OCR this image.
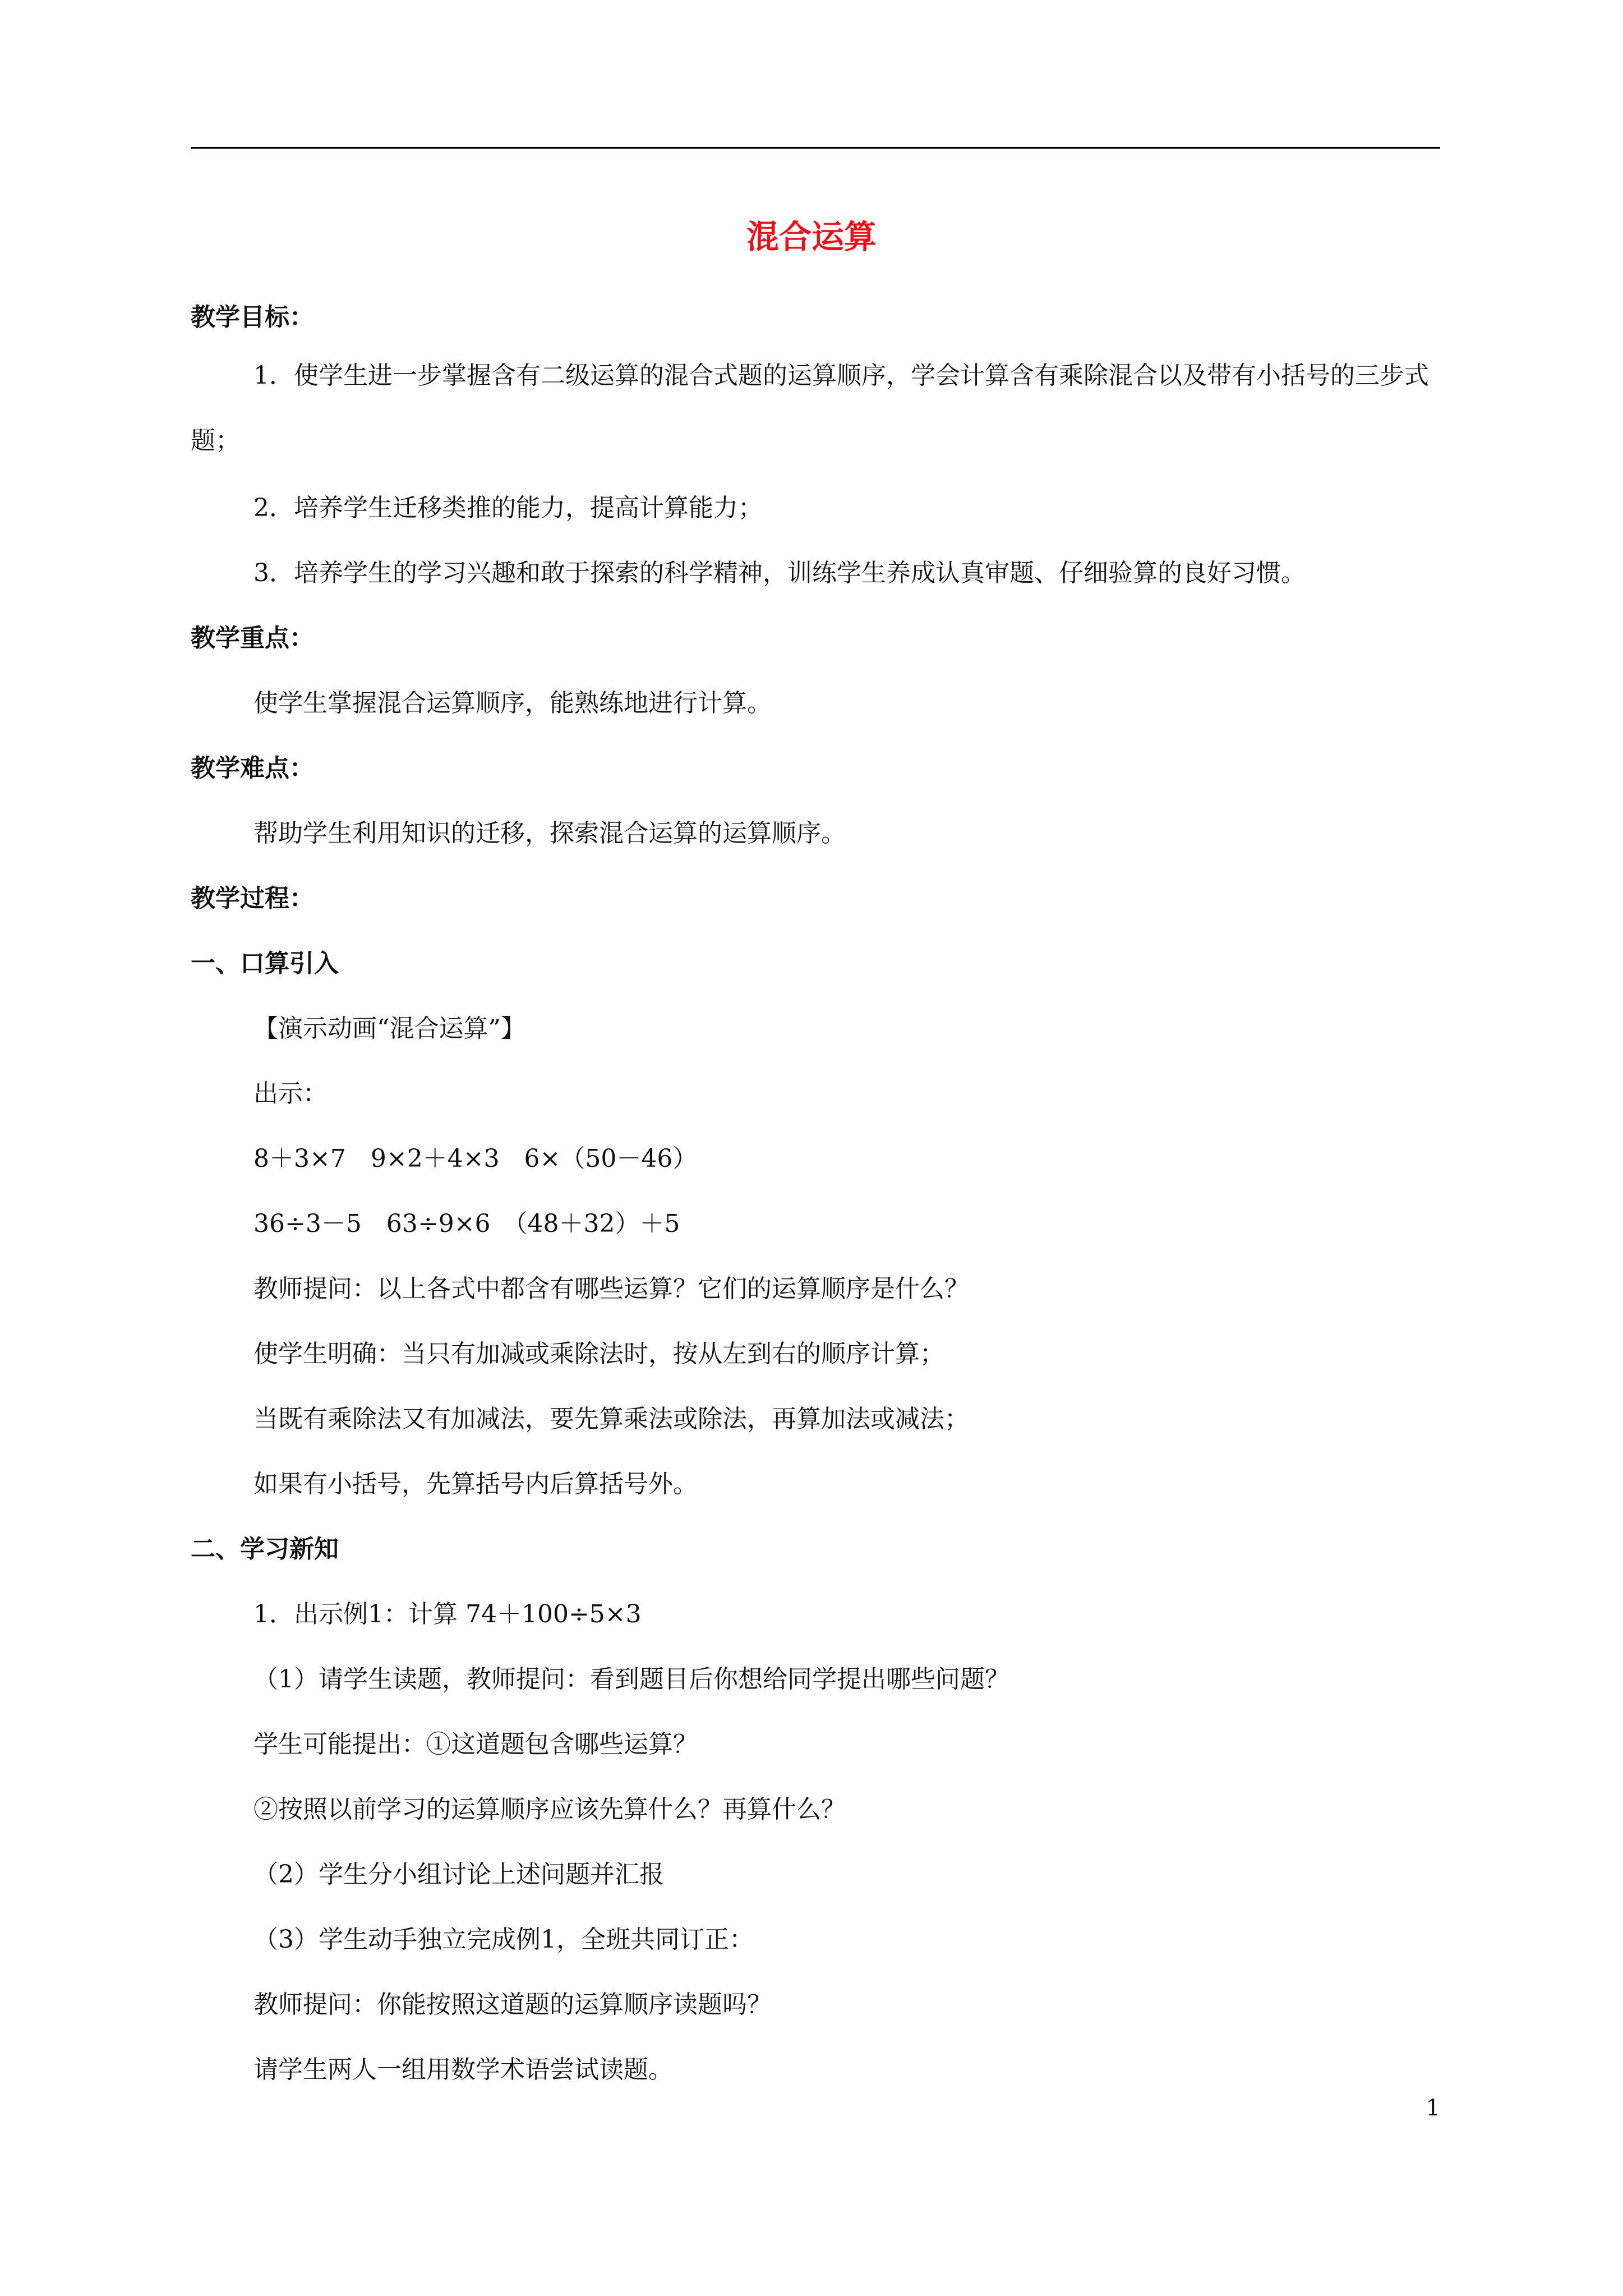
混合运算
教学目标：
1．使学生进一步掌握含有二级运算的混合式题的运算顺序，学会计算含有乘除混合以及带有小括号的三步式题；
2．培养学生迁移类推的能力，提高计算能力；
3．培养学生的学习兴趣和敢于探索的科学精神，训练学生养成认真审题、仔细验算的良好习惯。
教学重点：
使学生掌握混合运算顺序，能熟练地进行计算。
教学难点：
帮助学生利用知识的迁移，探索混合运算的运算顺序。
教学过程：
一、口算引入
【演示动画“混合运算”】
出示：
8＋3×7　9×2＋4×3　6×（50－46）
36÷3－5　63÷9×6　（48＋32）＋5
教师提问：以上各式中都含有哪些运算？它们的运算顺序是什么？
使学生明确：当只有加减或乘除法时，按从左到右的顺序计算；
当既有乘除法又有加减法，要先算乘法或除法，再算加法或减法；
如果有小括号，先算括号内后算括号外。
二、学习新知
1．出示例1：计算 74＋100÷5×3
（1）请学生读题，教师提问：看到题目后你想给同学提出哪些问题？
学生可能提出：①这道题包含哪些运算？
②按照以前学习的运算顺序应该先算什么？再算什么？
（2）学生分小组讨论上述问题并汇报
（3）学生动手独立完成例1，全班共同订正：
教师提问：你能按照这道题的运算顺序读题吗？
请学生两人一组用数学术语尝试读题。
1
